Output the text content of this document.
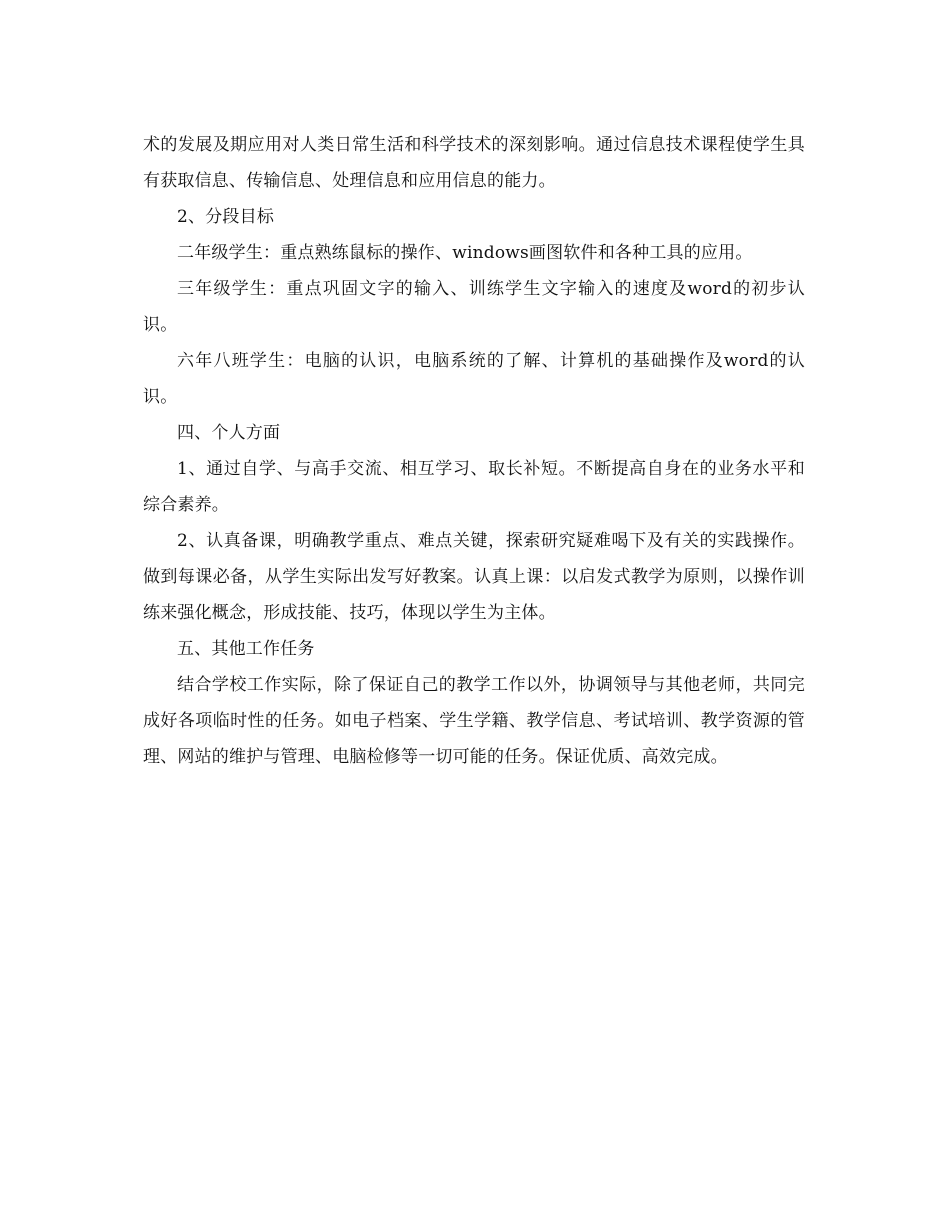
术的发展及期应用对人类日常生活和科学技术的深刻影响。通过信息技术课程使学生具有获取信息、传输信息、处理信息和应用信息的能力。

2、分段目标

二年级学生：重点熟练鼠标的操作、windows画图软件和各种工具的应用。

三年级学生：重点巩固文字的输入、训练学生文字输入的速度及word的初步认识。

六年八班学生：电脑的认识，电脑系统的了解、计算机的基础操作及word的认识。

四、个人方面

1、通过自学、与高手交流、相互学习、取长补短。不断提高自身在的业务水平和综合素养。

2、认真备课，明确教学重点、难点关键，探索研究疑难喝下及有关的实践操作。做到每课必备，从学生实际出发写好教案。认真上课：以启发式教学为原则，以操作训练来强化概念，形成技能、技巧，体现以学生为主体。

五、其他工作任务

结合学校工作实际，除了保证自己的教学工作以外，协调领导与其他老师，共同完成好各项临时性的任务。如电子档案、学生学籍、教学信息、考试培训、教学资源的管理、网站的维护与管理、电脑检修等一切可能的任务。保证优质、高效完成。
